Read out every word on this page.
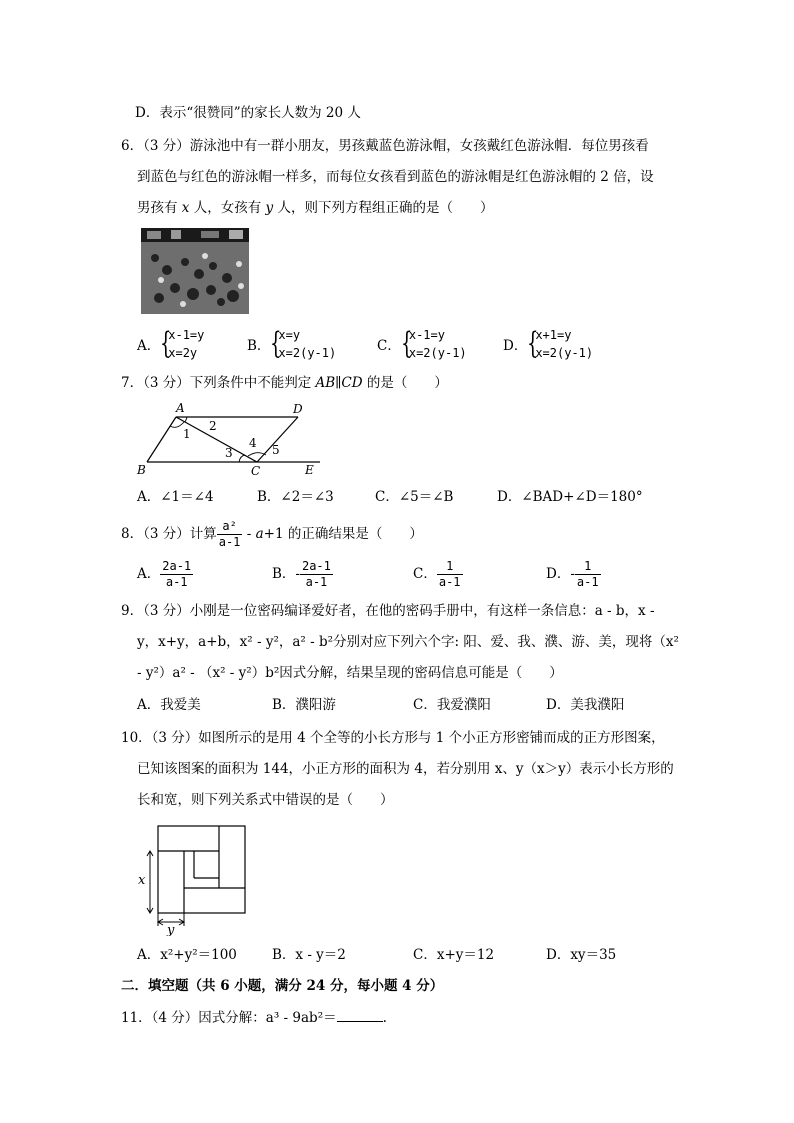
D．表示“很赞同”的家长人数为 20 人
6．（3 分）游泳池中有一群小朋友，男孩戴蓝色游泳帽，女孩戴红色游泳帽．每位男孩看
到蓝色与红色的游泳帽一样多，而每位女孩看到蓝色的游泳帽是红色游泳帽的 2 倍，设
男孩有 x 人，女孩有 y 人，则下列方程组正确的是（　　）
A． {
x-1=y
x=2y	B． {
x=y
x=2(y-1)	C． {
x-1=y
x=2(y-1)	D． {
x+1=y
x=2(y-1)
7．（3 分）下列条件中不能判定 AB∥CD 的是（　　）
A	D
B	C	E
1
2
3
4 5
A．∠1＝∠4	B．∠2＝∠3	C．∠5＝∠B	D．∠BAD+∠D＝180°
8．（3 分）计算 $\frac{\text{a²}}{a-1} - a+1$ 的正确结果是（　　）
A． $\frac{2a-1}{a-1}$	B．- $\frac{2a-1}{a-1}$	C． $\frac{1}{a-1}$	D．- $\frac{1}{a-1}$
9．（3 分）小刚是一位密码编译爱好者，在他的密码手册中，有这样一条信息：a - b，x -
y，x+y，a+b，x² - y²，a² - b²分别对应下列六个字: 阳、爱、我、濮、游、美，现将（x²
- y²）a² - （x² - y²）b²因式分解，结果呈现的密码信息可能是（　　）
A．我爱美	B．濮阳游	C．我爱濮阳	D．美我濮阳
10．（3 分）如图所示的是用 4 个全等的小长方形与 1 个小正方形密铺而成的正方形图案，
已知该图案的面积为 144，小正方形的面积为 4，若分别用 x、y（x＞y）表示小长方形的
长和宽，则下列关系式中错误的是（　　）
x
y
A．x²+y²＝100	B．x - y＝2	C．x+y＝12	D．xy＝35
二．填空题（共 6 小题，满分 24 分，每小题 4 分）
11．（4 分）因式分解：a³ - 9ab²＝	.
